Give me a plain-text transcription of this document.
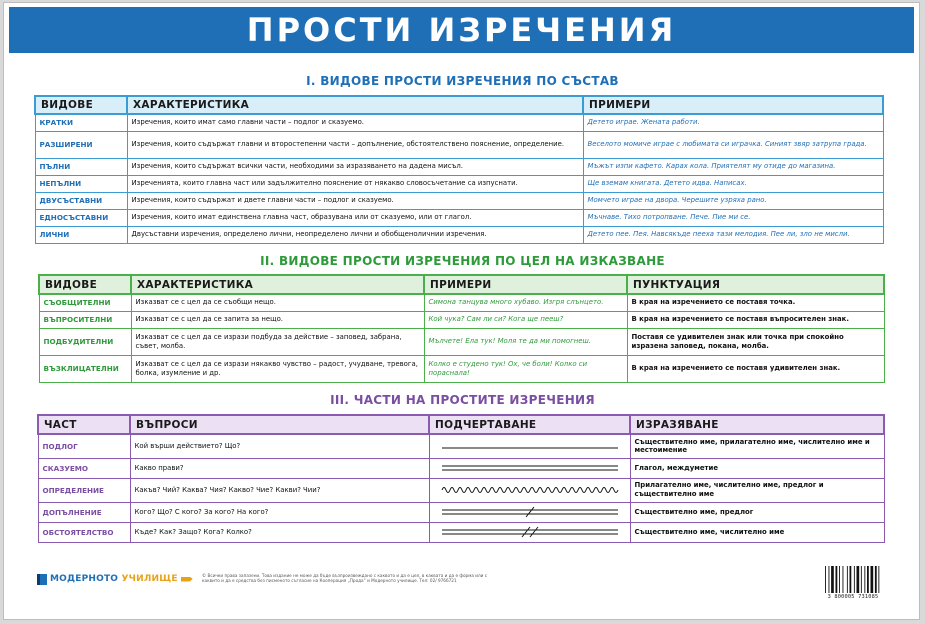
ПРОСТИ ИЗРЕЧЕНИЯ
I. ВИДОВЕ ПРОСТИ ИЗРЕЧЕНИЯ ПО СЪСТАВ
ВИДОВЕ	ХАРАКТЕРИСТИКА	ПРИМЕРИ
КРАТКИ	Изречения, които имат само главни части – подлог и сказуемо.	Детето играе. Жената работи.
РАЗШИРЕНИ	Изречения, които съдържат главни и второстепенни части – допълнение, обстоятелствено пояснение, определение.	Веселото момиче играе с любимата си играчка. Синият звяр затрупа града.
ПЪЛНИ	Изречения, които съдържат всички части, необходими за изразяването на дадена мисъл.	Мъжът изпи кафето. Карах кола. Приятелят му отиде до магазина.
НЕПЪЛНИ	Изреченията, които главна част или задължително пояснение от някакво словосъчетание са изпуснати.	Ще вземам книгата. Детето идва. Написах.
ДВУСЪСТАВНИ	Изречения, които съдържат и двете главни части – подлог и сказуемо.	Момчето играе на двора. Черешите узряха рано.
ЕДНОСЪСТАВНИ	Изречения, които имат единствена главна част, образувана или от сказуемо, или от глагол.	Мъчнаве. Тихо потропване. Пече. Пие ми се.
ЛИЧНИ	Двусъставни изречения, определено лични, неопределено лични и обобщеноличнии изречения.	Детето пее. Пея. Навсякъде пееха тази мелодия. Пее ли, зло не мисли.
II. ВИДОВЕ ПРОСТИ ИЗРЕЧЕНИЯ ПО ЦЕЛ НА ИЗКАЗВАНЕ
ВИДОВЕ	ХАРАКТЕРИСТИКА	ПРИМЕРИ	ПУНКТУАЦИЯ
СЪОБЩИТЕЛНИ	Изказват се с цел да се съобщи нещо.	Симона танцува много хубаво. Изгря слънцето.	В края на изречението се поставя точка.
ВЪПРОСИТЕЛНИ	Изказват се с цел да се запита за нещо.	Кой чука? Сам ли си? Кога ще пееш?	В края на изречението се поставя въпросителен знак.
ПОДБУДИТЕЛНИ	Изказват се с цел да се изрази подбуда за действие – заповед, забрана, съвет, молба.	Мълчете! Ела тук! Моля те да ми помогнеш.	Поставя се удивителен знак или точка при спокойно изразена заповед, покана, молба.
ВЪЗКЛИЦАТЕЛНИ	Изказват се с цел да се изрази някакво чувство – радост, учудване, тревога, болка, изумление и др.	Колко е студено тук! Ох, че боли! Колко си пораснала!	В края на изречението се поставя удивителен знак.
III. ЧАСТИ НА ПРОСТИТЕ ИЗРЕЧЕНИЯ
ЧАСТ	ВЪПРОСИ	ПОДЧЕРТАВАНЕ	ИЗРАЗЯВАНЕ
ПОДЛОГ	Кой върши действието? Що?		Съществително име, прилагателно име, числително име и местоимение
СКАЗУЕМО	Какво прави?		Глагол, междуметие
ОПРЕДЕЛЕНИЕ	Какъв? Чий? Каква? Чия? Какво? Чие? Какви? Чии?		Прилагателно име, числително име, предлог и съществително име
ДОПЪЛНЕНИЕ	Кого? Що? С кого? За кого? На кого?		Съществително име, предлог
ОБСТОЯТЕЛСТВО	Къде? Как? Защо? Кога? Колко?		Съществително име, числително име
МОДЕРНОТО УЧИЛИЩЕ	© Всички права запазени. Това издание не може да бъде възпроизвеждано с каквото и да е цел, в каквата и да е форма или с каквито и да е средства без писменото съгласие на Кооперация „Прода“ и Модерното училище. Тел: 02/ 9766721
3 800005 731085
